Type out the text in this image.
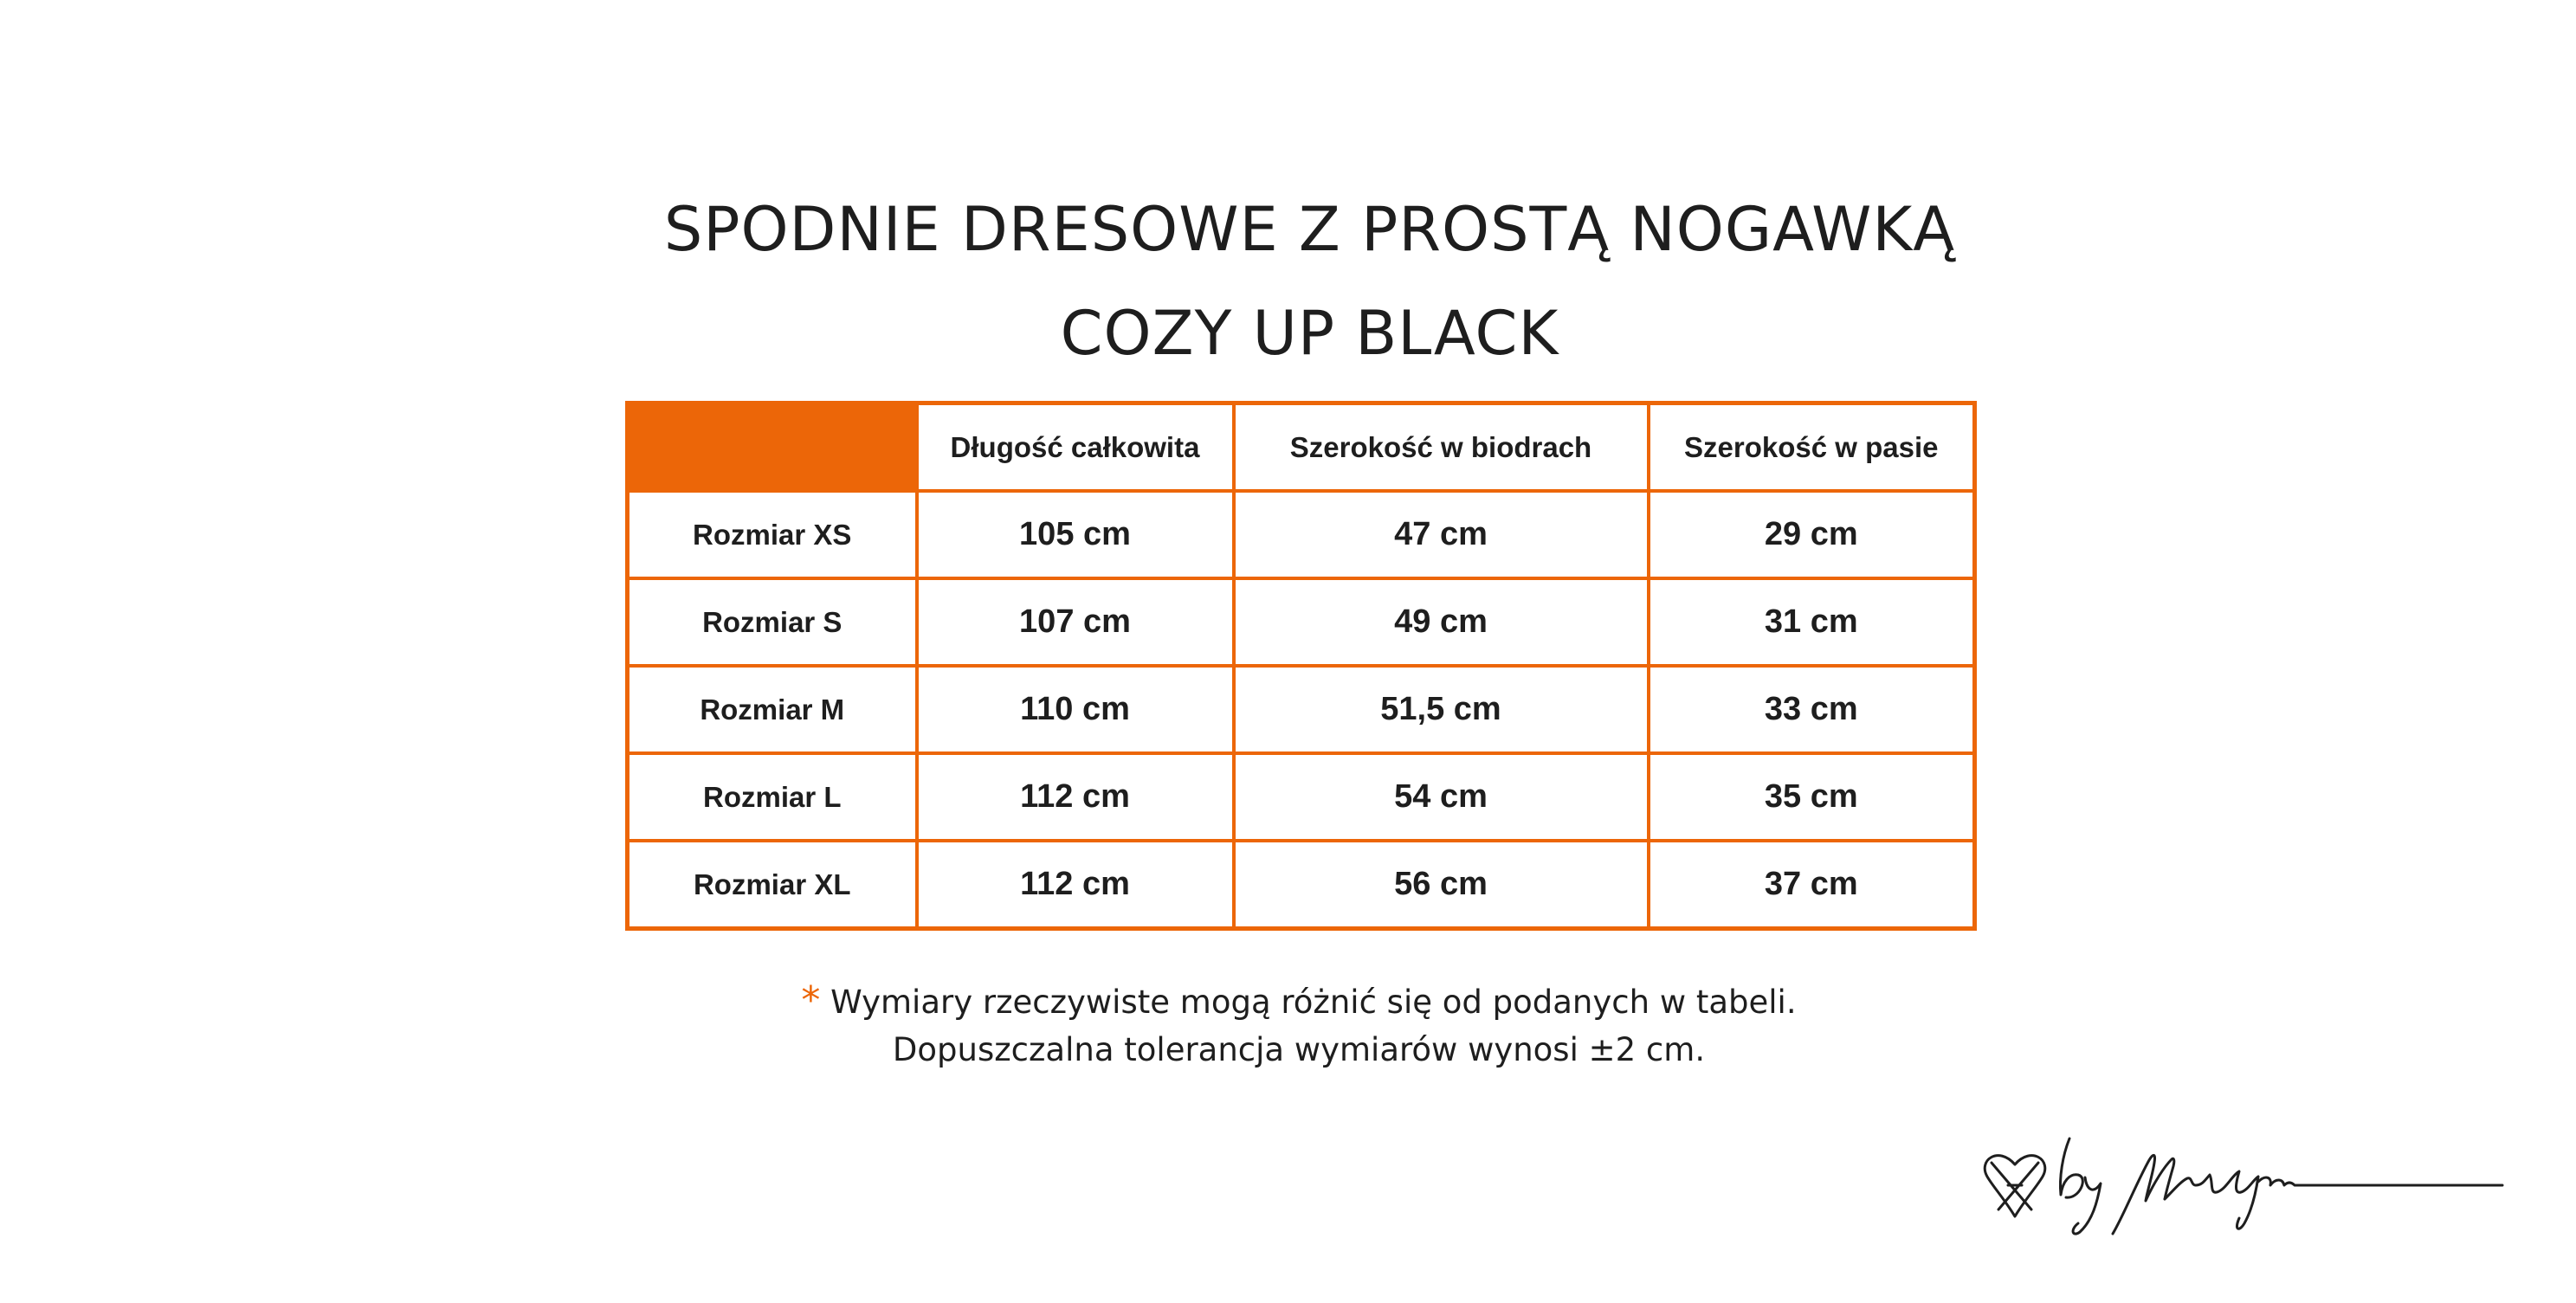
SPODNIE DRESOWE Z PROSTĄ NOGAWKĄ
COZY UP BLACK
	Długość całkowita	Szerokość w biodrach	Szerokość w pasie
Rozmiar XS	105 cm	47 cm	29 cm
Rozmiar S	107 cm	49 cm	31 cm
Rozmiar M	110 cm	51,5 cm	33 cm
Rozmiar L	112 cm	54 cm	35 cm
Rozmiar XL	112 cm	56 cm	37 cm
* Wymiary rzeczywiste mogą różnić się od podanych w tabeli.
Dopuszczalna tolerancja wymiarów wynosi ±2 cm.
